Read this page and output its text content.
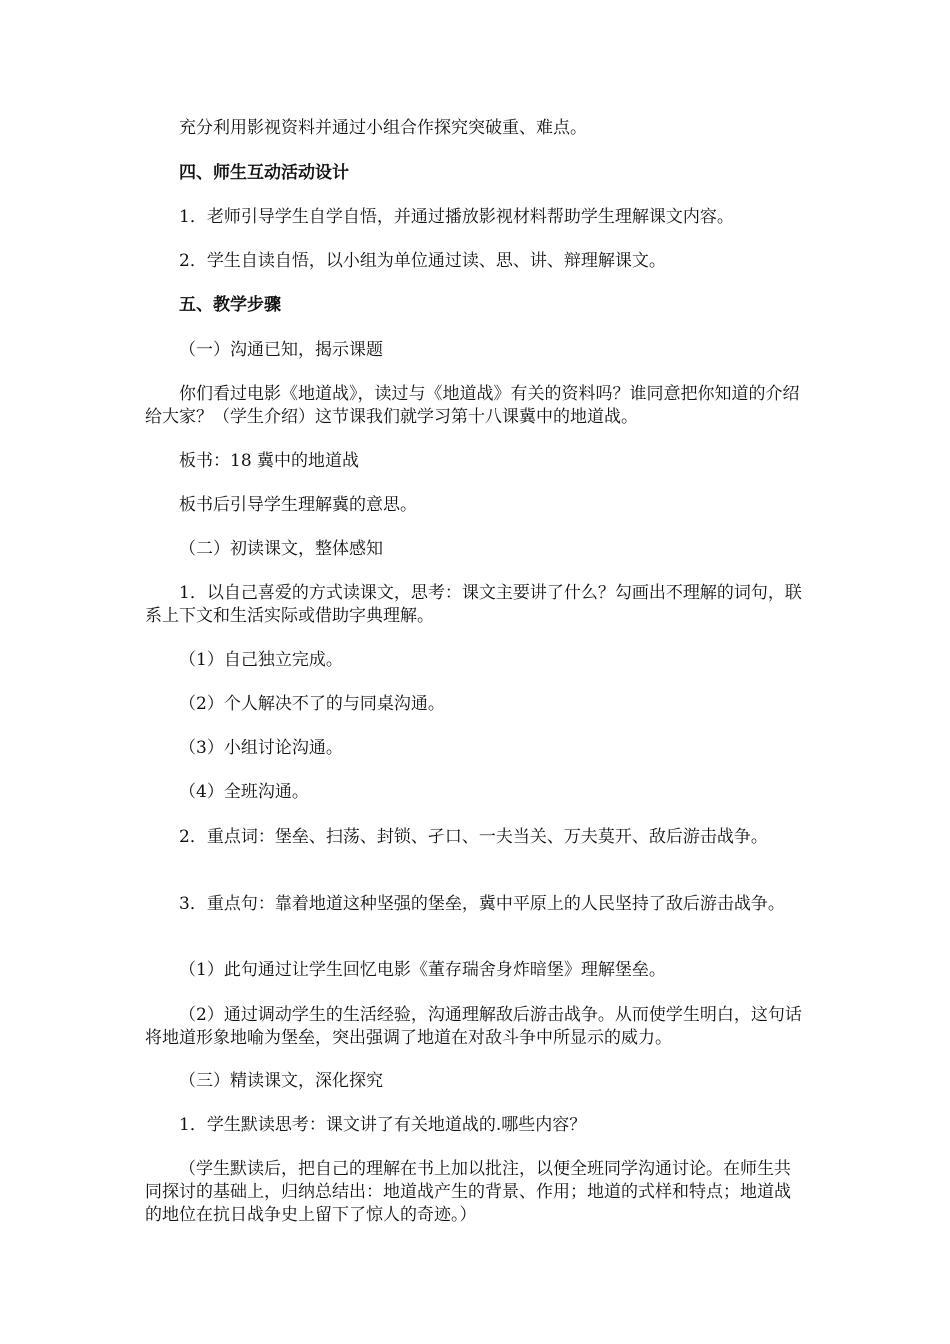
充分利用影视资料并通过小组合作探究突破重、难点。

四、师生互动活动设计

1．老师引导学生自学自悟，并通过播放影视材料帮助学生理解课文内容。

2．学生自读自悟，以小组为单位通过读、思、讲、辩理解课文。

五、教学步骤

（一）沟通已知，揭示课题

你们看过电影《地道战》，读过与《地道战》有关的资料吗？谁同意把你知道的介绍给大家？（学生介绍）这节课我们就学习第十八课冀中的地道战。

板书：18 冀中的地道战

板书后引导学生理解冀的意思。

（二）初读课文，整体感知

1．以自己喜爱的方式读课文，思考：课文主要讲了什么？勾画出不理解的词句，联系上下文和生活实际或借助字典理解。

（1）自己独立完成。

（2）个人解决不了的与同桌沟通。

（3）小组讨论沟通。

（4）全班沟通。

2．重点词：堡垒、扫荡、封锁、孑口、一夫当关、万夫莫开、敌后游击战争。

3．重点句：靠着地道这种坚强的堡垒，冀中平原上的人民坚持了敌后游击战争。

（1）此句通过让学生回忆电影《董存瑞舍身炸暗堡》理解堡垒。

（2）通过调动学生的生活经验，沟通理解敌后游击战争。从而使学生明白，这句话将地道形象地喻为堡垒，突出强调了地道在对敌斗争中所显示的威力。

（三）精读课文，深化探究

1．学生默读思考：课文讲了有关地道战的.哪些内容？

（学生默读后，把自己的理解在书上加以批注，以便全班同学沟通讨论。在师生共同探讨的基础上，归纳总结出：地道战产生的背景、作用；地道的式样和特点；地道战的地位在抗日战争史上留下了惊人的奇迹。）
